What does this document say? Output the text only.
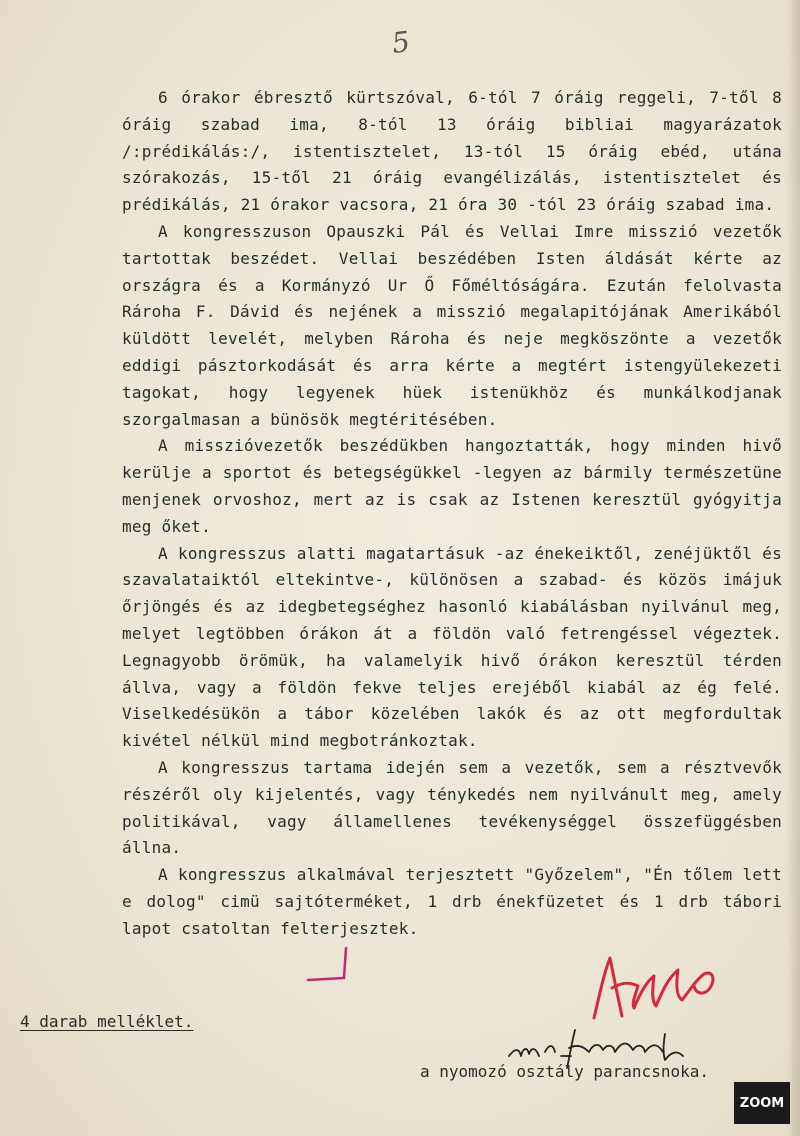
5

6 órakor ébresztő kürtszóval, 6-tól 7 óráig reggeli, 7-től 8 óráig szabad ima, 8-tól 13 óráig bibliai magyarázatok /:prédikálás:/, istentisztelet, 13-tól 15 óráig ebéd, utána szórakozás, 15-től 21 óráig evangélizálás, istentisztelet és prédikálás, 21 órakor vacsora, 21 óra 30 -tól 23 óráig szabad ima.

A kongresszuson Opauszki Pál és Vellai Imre misszió vezetők tartottak beszédet. Vellai beszédében Isten áldását kérte az országra és a Kormányzó Ur Ő Főméltóságára. Ezután felolvasta Rároha F. Dávid és nejének a misszió megalapitójának Amerikából küldött levelét, melyben Rároha és neje megköszönte a vezetők eddigi pásztorkodását és arra kérte a megtért istengyülekezeti tagokat, hogy legyenek hüek istenükhöz és munkálkodjanak szorgalmasan a bünösök megtéritésében.

A misszióvezetők beszédükben hangoztatták, hogy minden hivő kerülje a sportot és betegségükkel -legyen az bármily természetüne menjenek orvoshoz, mert az is csak az Istenen keresztül gyógyitja meg őket.

A kongresszus alatti magatartásuk -az énekeiktől, zenéjüktől és szavalataiktól eltekintve-, különösen a szabad- és közös imájuk őrjöngés és az idegbetegséghez hasonló kiabálásban nyilvánul meg, melyet legtöbben órákon át a földön való fetrengéssel végeztek. Legnagyobb örömük, ha valamelyik hivő órákon keresztül térden állva, vagy a földön fekve teljes erejéből kiabál az ég felé. Viselkedésükön a tábor közelében lakók és az ott megfordultak kivétel nélkül mind megbotránkoztak.

A kongresszus tartama idején sem a vezetők, sem a résztvevők részéről oly kijelentés, vagy ténykedés nem nyilvánult meg, amely politikával, vagy államellenes tevékenységgel összefüggésben állna.

A kongresszus alkalmával terjesztett "Győzelem", "Én tőlem lett e dolog" cimü sajtóterméket, 1 drb énekfüzetet és 1 drb tábori lapot csatoltan felterjesztek.

4 darab melléklet.
a nyomozó osztály parancsnoka.
ZOOM
